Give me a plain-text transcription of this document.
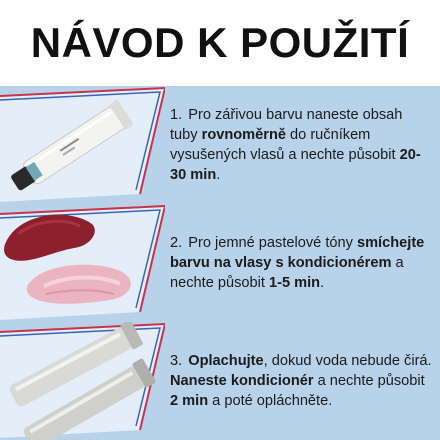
NÁVOD K POUŽITÍ

1. Pro zářivou barvu naneste obsah tuby rovnoměrně do ručníkem vysušených vlasů a nechte působit 20-30 min.

2. Pro jemné pastelové tóny smíchejte barvu na vlasy s kondicionérem a nechte působit 1-5 min.

3. Oplachujte, dokud voda nebude čirá. Naneste kondicionér a nechte působit 2 min a poté opláchněte.
